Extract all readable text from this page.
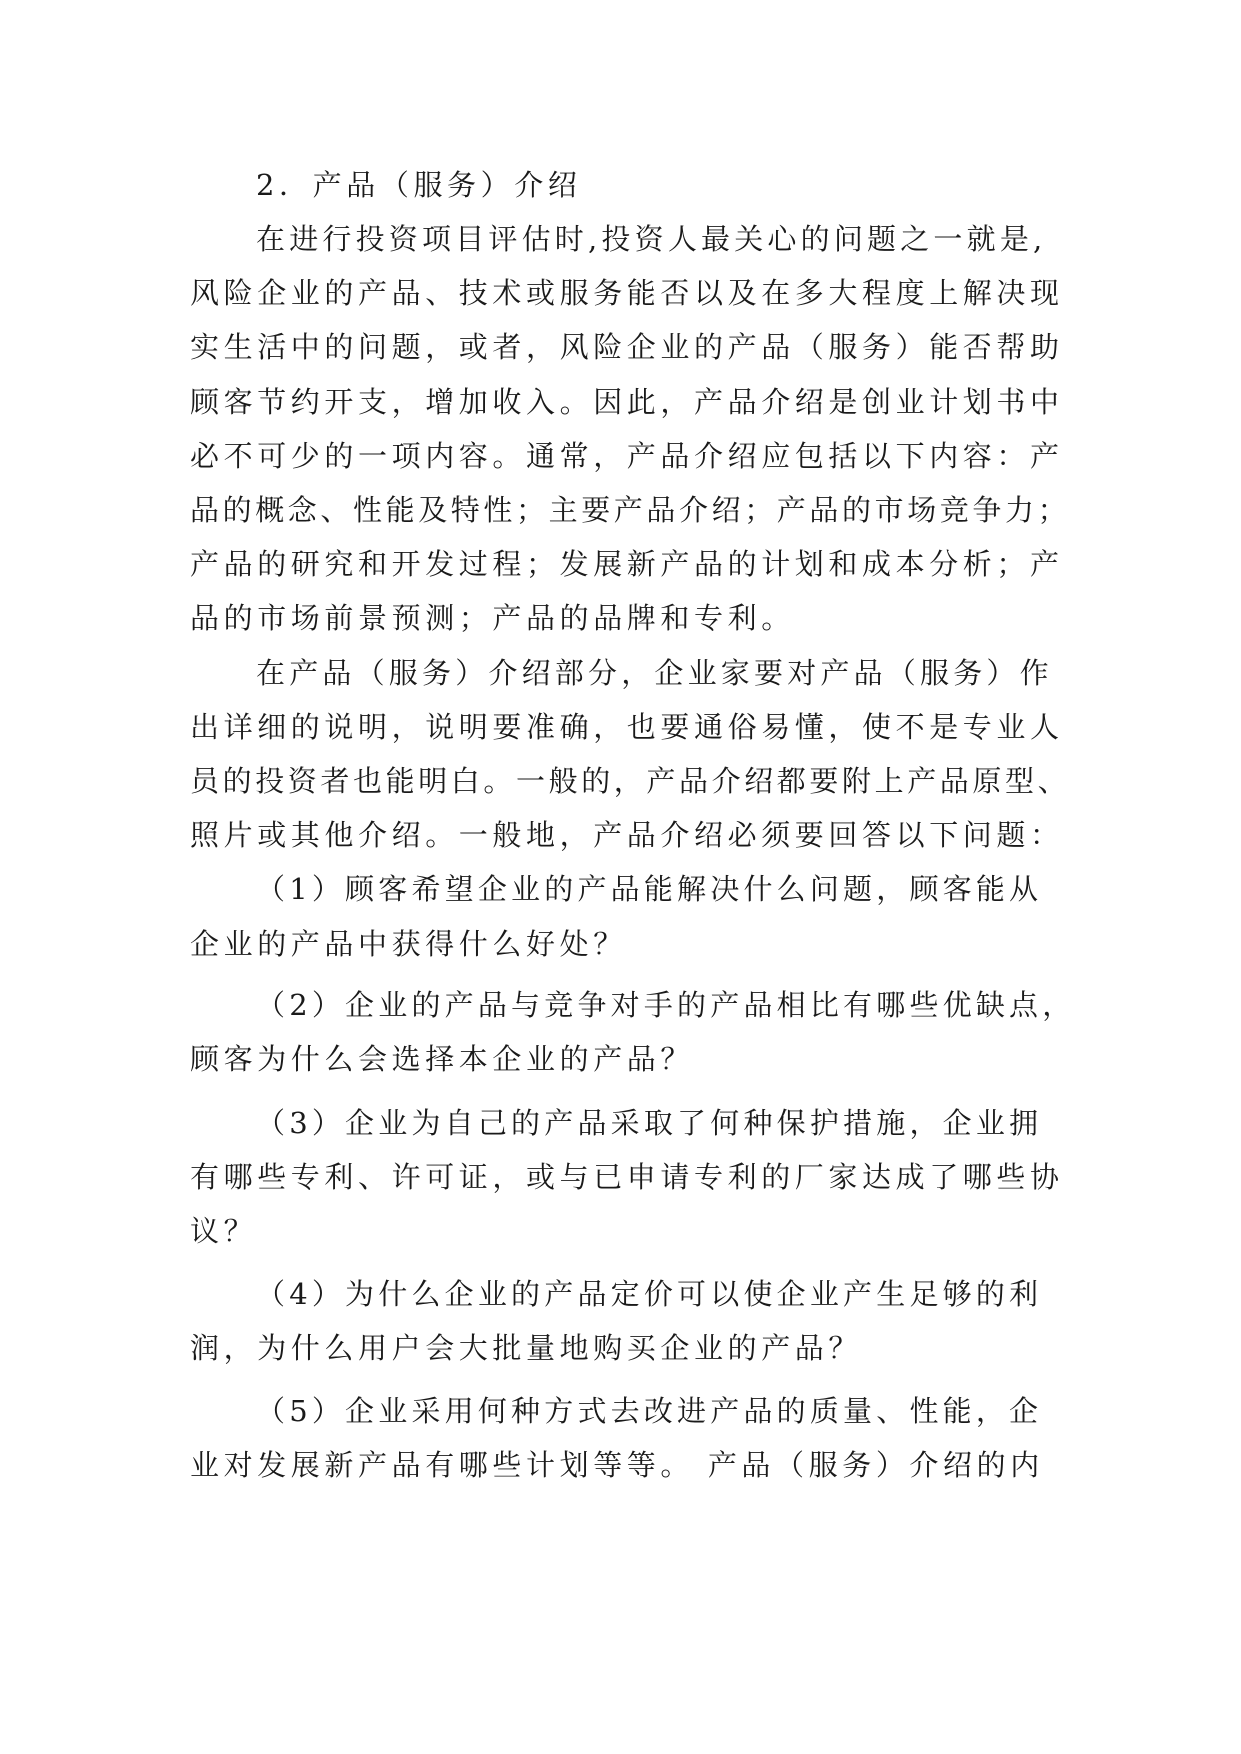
2．产品（服务）介绍

在进行投资项目评估时,投资人最关心的问题之一就是,

风险企业的产品、技术或服务能否以及在多大程度上解决现

实生活中的问题，或者，风险企业的产品（服务）能否帮助

顾客节约开支，增加收入。因此，产品介绍是创业计划书中

必不可少的一项内容。通常，产品介绍应包括以下内容：产

品的概念、性能及特性；主要产品介绍；产品的市场竞争力；

产品的研究和开发过程；发展新产品的计划和成本分析；产

品的市场前景预测；产品的品牌和专利。

在产品（服务）介绍部分，企业家要对产品（服务）作

出详细的说明，说明要准确，也要通俗易懂，使不是专业人

员的投资者也能明白。一般的，产品介绍都要附上产品原型、

照片或其他介绍。一般地，产品介绍必须要回答以下问题：

（1）顾客希望企业的产品能解决什么问题，顾客能从

企业的产品中获得什么好处？

（2）企业的产品与竞争对手的产品相比有哪些优缺点，

顾客为什么会选择本企业的产品？

（3）企业为自己的产品采取了何种保护措施，企业拥

有哪些专利、许可证，或与已申请专利的厂家达成了哪些协

议？

（4）为什么企业的产品定价可以使企业产生足够的利

润，为什么用户会大批量地购买企业的产品？

（5）企业采用何种方式去改进产品的质量、性能，企

业对发展新产品有哪些计划等等。 产品（服务）介绍的内
